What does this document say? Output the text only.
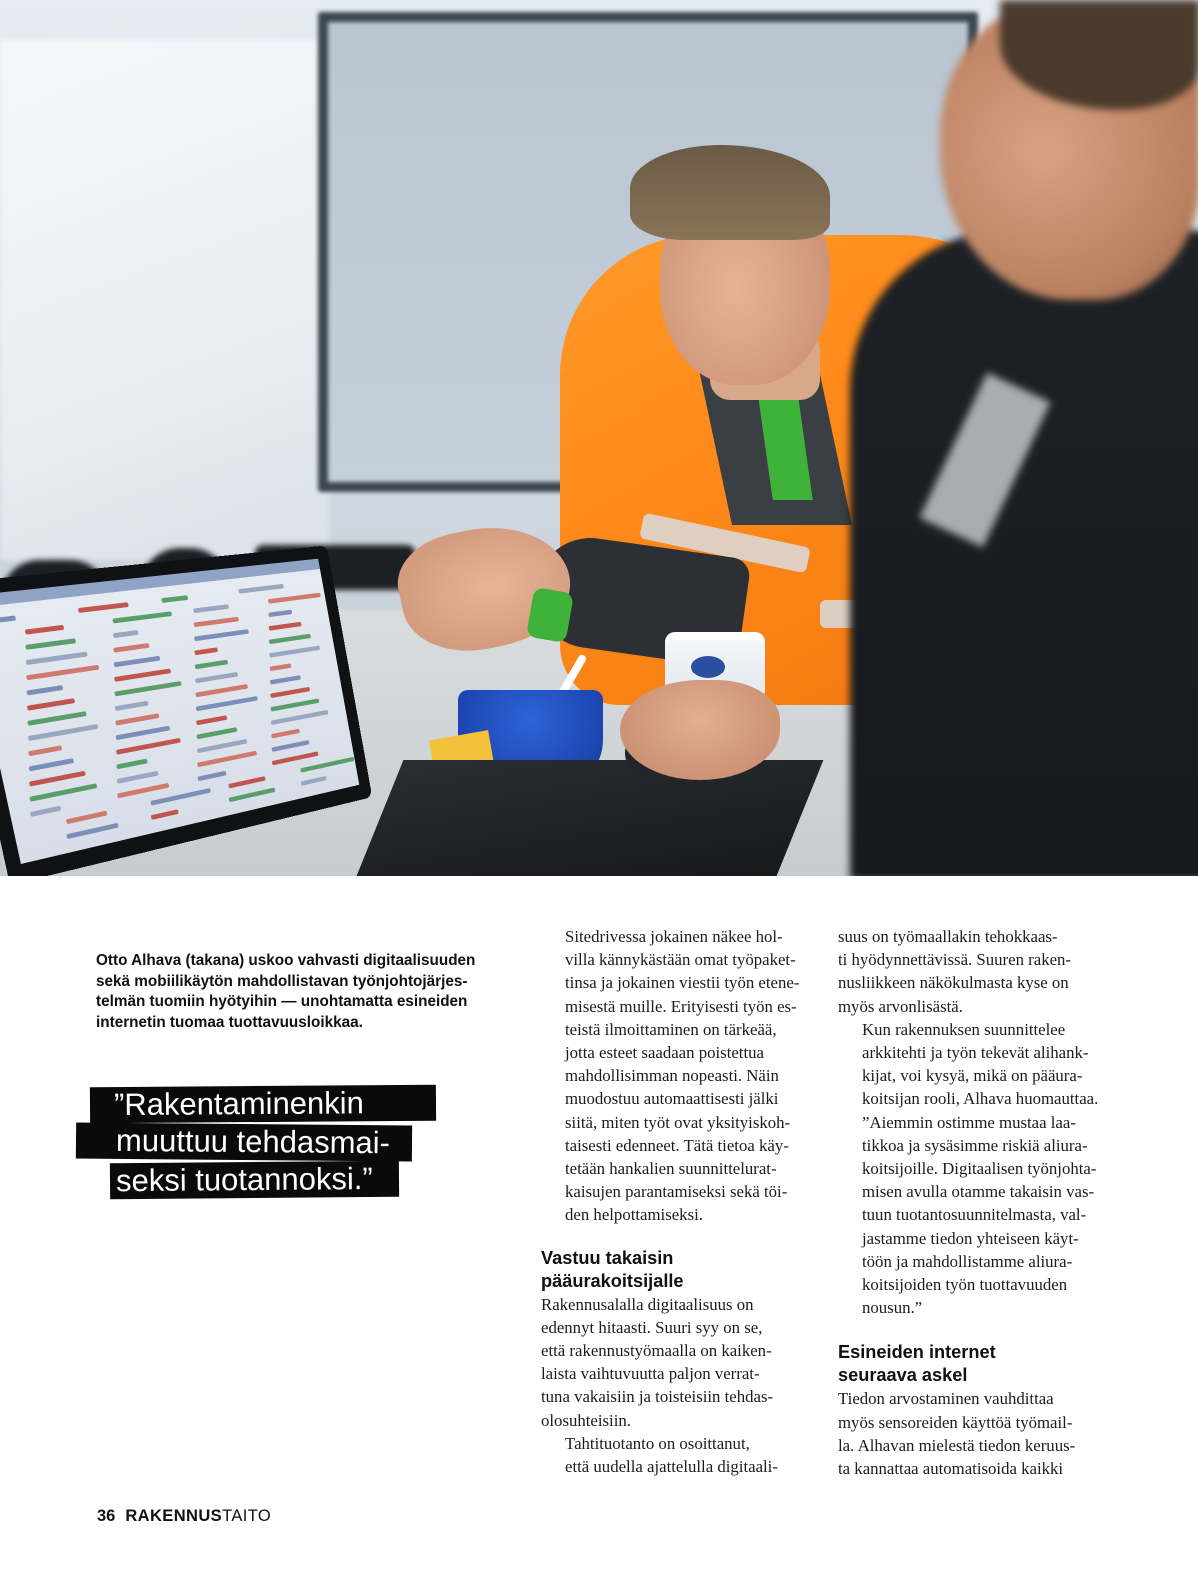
Otto Alhava (takana) uskoo vahvasti digitaalisuuden sekä mobiilikäytön mahdollistavan työnjohtojärjes-telmän tuomiin hyötyihin — unohtamatta esineiden internetin tuomaa tuottavuusloikkaa.

”Rakentaminenkin
muuttuu tehdasmai-
seksi tuotannoksi.”

Sitedrivessa jokainen näkee hol-
villa kännykästään omat työpaket-
tinsa ja jokainen viestii työn etene-
misestä muille. Erityisesti työn es-
teistä ilmoittaminen on tärkeää,
jotta esteet saadaan poistettua
mahdollisimman nopeasti. Näin
muodostuu automaattisesti jälki
siitä, miten työt ovat yksityiskoh-
taisesti edenneet. Tätä tietoa käy-
tetään hankalien suunnittelurat-
kaisujen parantamiseksi sekä töi-
den helpottamiseksi.

Vastuu takaisin
pääurakoitsijalle

Rakennusalalla digitaalisuus on
edennyt hitaasti. Suuri syy on se,
että rakennustyömaalla on kaiken-
laista vaihtuvuutta paljon verrat-
tuna vakaisiin ja toisteisiin tehdas-
olosuhteisiin.

Tahtituotanto on osoittanut,
että uudella ajattelulla digitaali-

suus on työmaallakin tehokkaas-
ti hyödynnettävissä. Suuren raken-
nusliikkeen näkökulmasta kyse on
myös arvonlisästä.

Kun rakennuksen suunnittelee
arkkitehti ja työn tekevät alihank-
kijat, voi kysyä, mikä on pääura-
koitsijan rooli, Alhava huomauttaa.

”Aiemmin ostimme mustaa laa-
tikkoa ja sysäsimme riskiä aliura-
koitsijoille. Digitaalisen työnjohta-
misen avulla otamme takaisin vas-
tuun tuotantosuunnitelmasta, val-
jastamme tiedon yhteiseen käyt-
töön ja mahdollistamme aliura-
koitsijoiden työn tuottavuuden
nousun.”

Esineiden internet
seuraava askel

Tiedon arvostaminen vauhdittaa
myös sensoreiden käyttöä työmail-
la. Alhavan mielestä tiedon keruus-
ta kannattaa automatisoida kaikki

36 RAKENNUSTAITO
